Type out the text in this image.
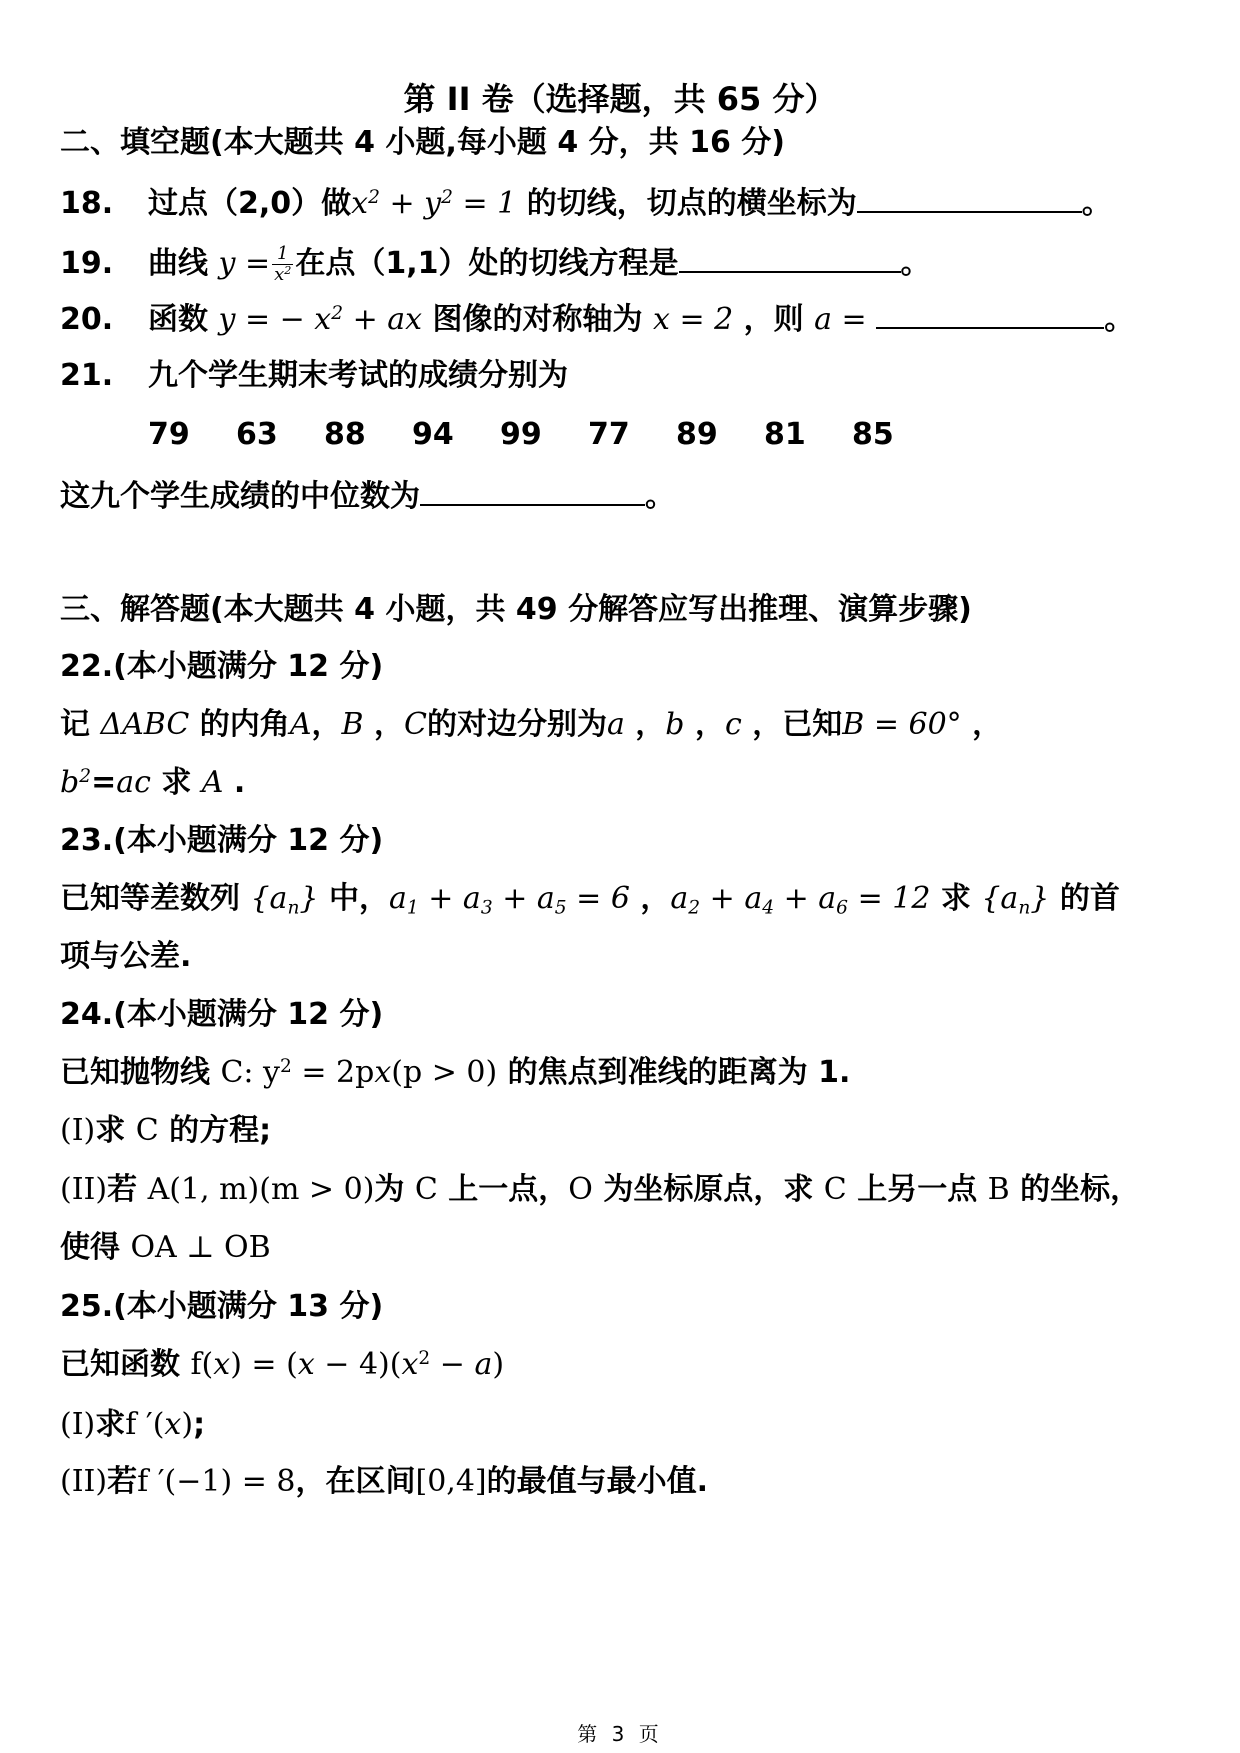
第 II 卷（选择题，共 65 分）
二、填空题(本大题共 4 小题,每小题 4 分，共 16 分)
18. 过点（2,0）做$x^2 + y^2 = 1$ 的切线，切点的横坐标为	。
19. 曲线 $y = \frac{1}{x^2}$ 在点（1,1）处的切线方程是	。
20. 函数 y = − $x^2$ + ax 图像的对称轴为 x = 2 ，则 a =	。
21. 九个学生期末考试的成绩分别为
79 63 88 94 99 77 89 81 85
这九个学生成绩的中位数为	。
三、解答题(本大题共 4 小题，共 49 分解答应写出推理、演算步骤)
22.(本小题满分 12 分)
记 ΔABC 的内角A，B ，C的对边分别为a ，b ，c ，已知B = 60° ，
$b^2=ac$ 求 A .
23.(本小题满分 12 分)
已知等差数列 $\{a_n\}$ 中，$a_1 + a_3 + a_5 = 6$ ，$a_2 + a_4 + a_6 = 12$ 求 $\{a_n\}$ 的首
项与公差.
24.(本小题满分 12 分)
已知抛物线 C: $y^2 = 2px(p > 0)$ 的焦点到准线的距离为 1.
(I)求 C 的方程;
(II)若 A(1, m)(m > 0)为 C 上一点，O 为坐标原点，求 C 上另一点 B 的坐标，
使得 OA ⊥ OB
25.(本小题满分 13 分)
已知函数 $f(x) = (x - 4)(x^2 - a)$
(I)求f ′(x);
(II)若f ′(−1) = 8，在区间[0,4]的最值与最小值.
第 3 页
